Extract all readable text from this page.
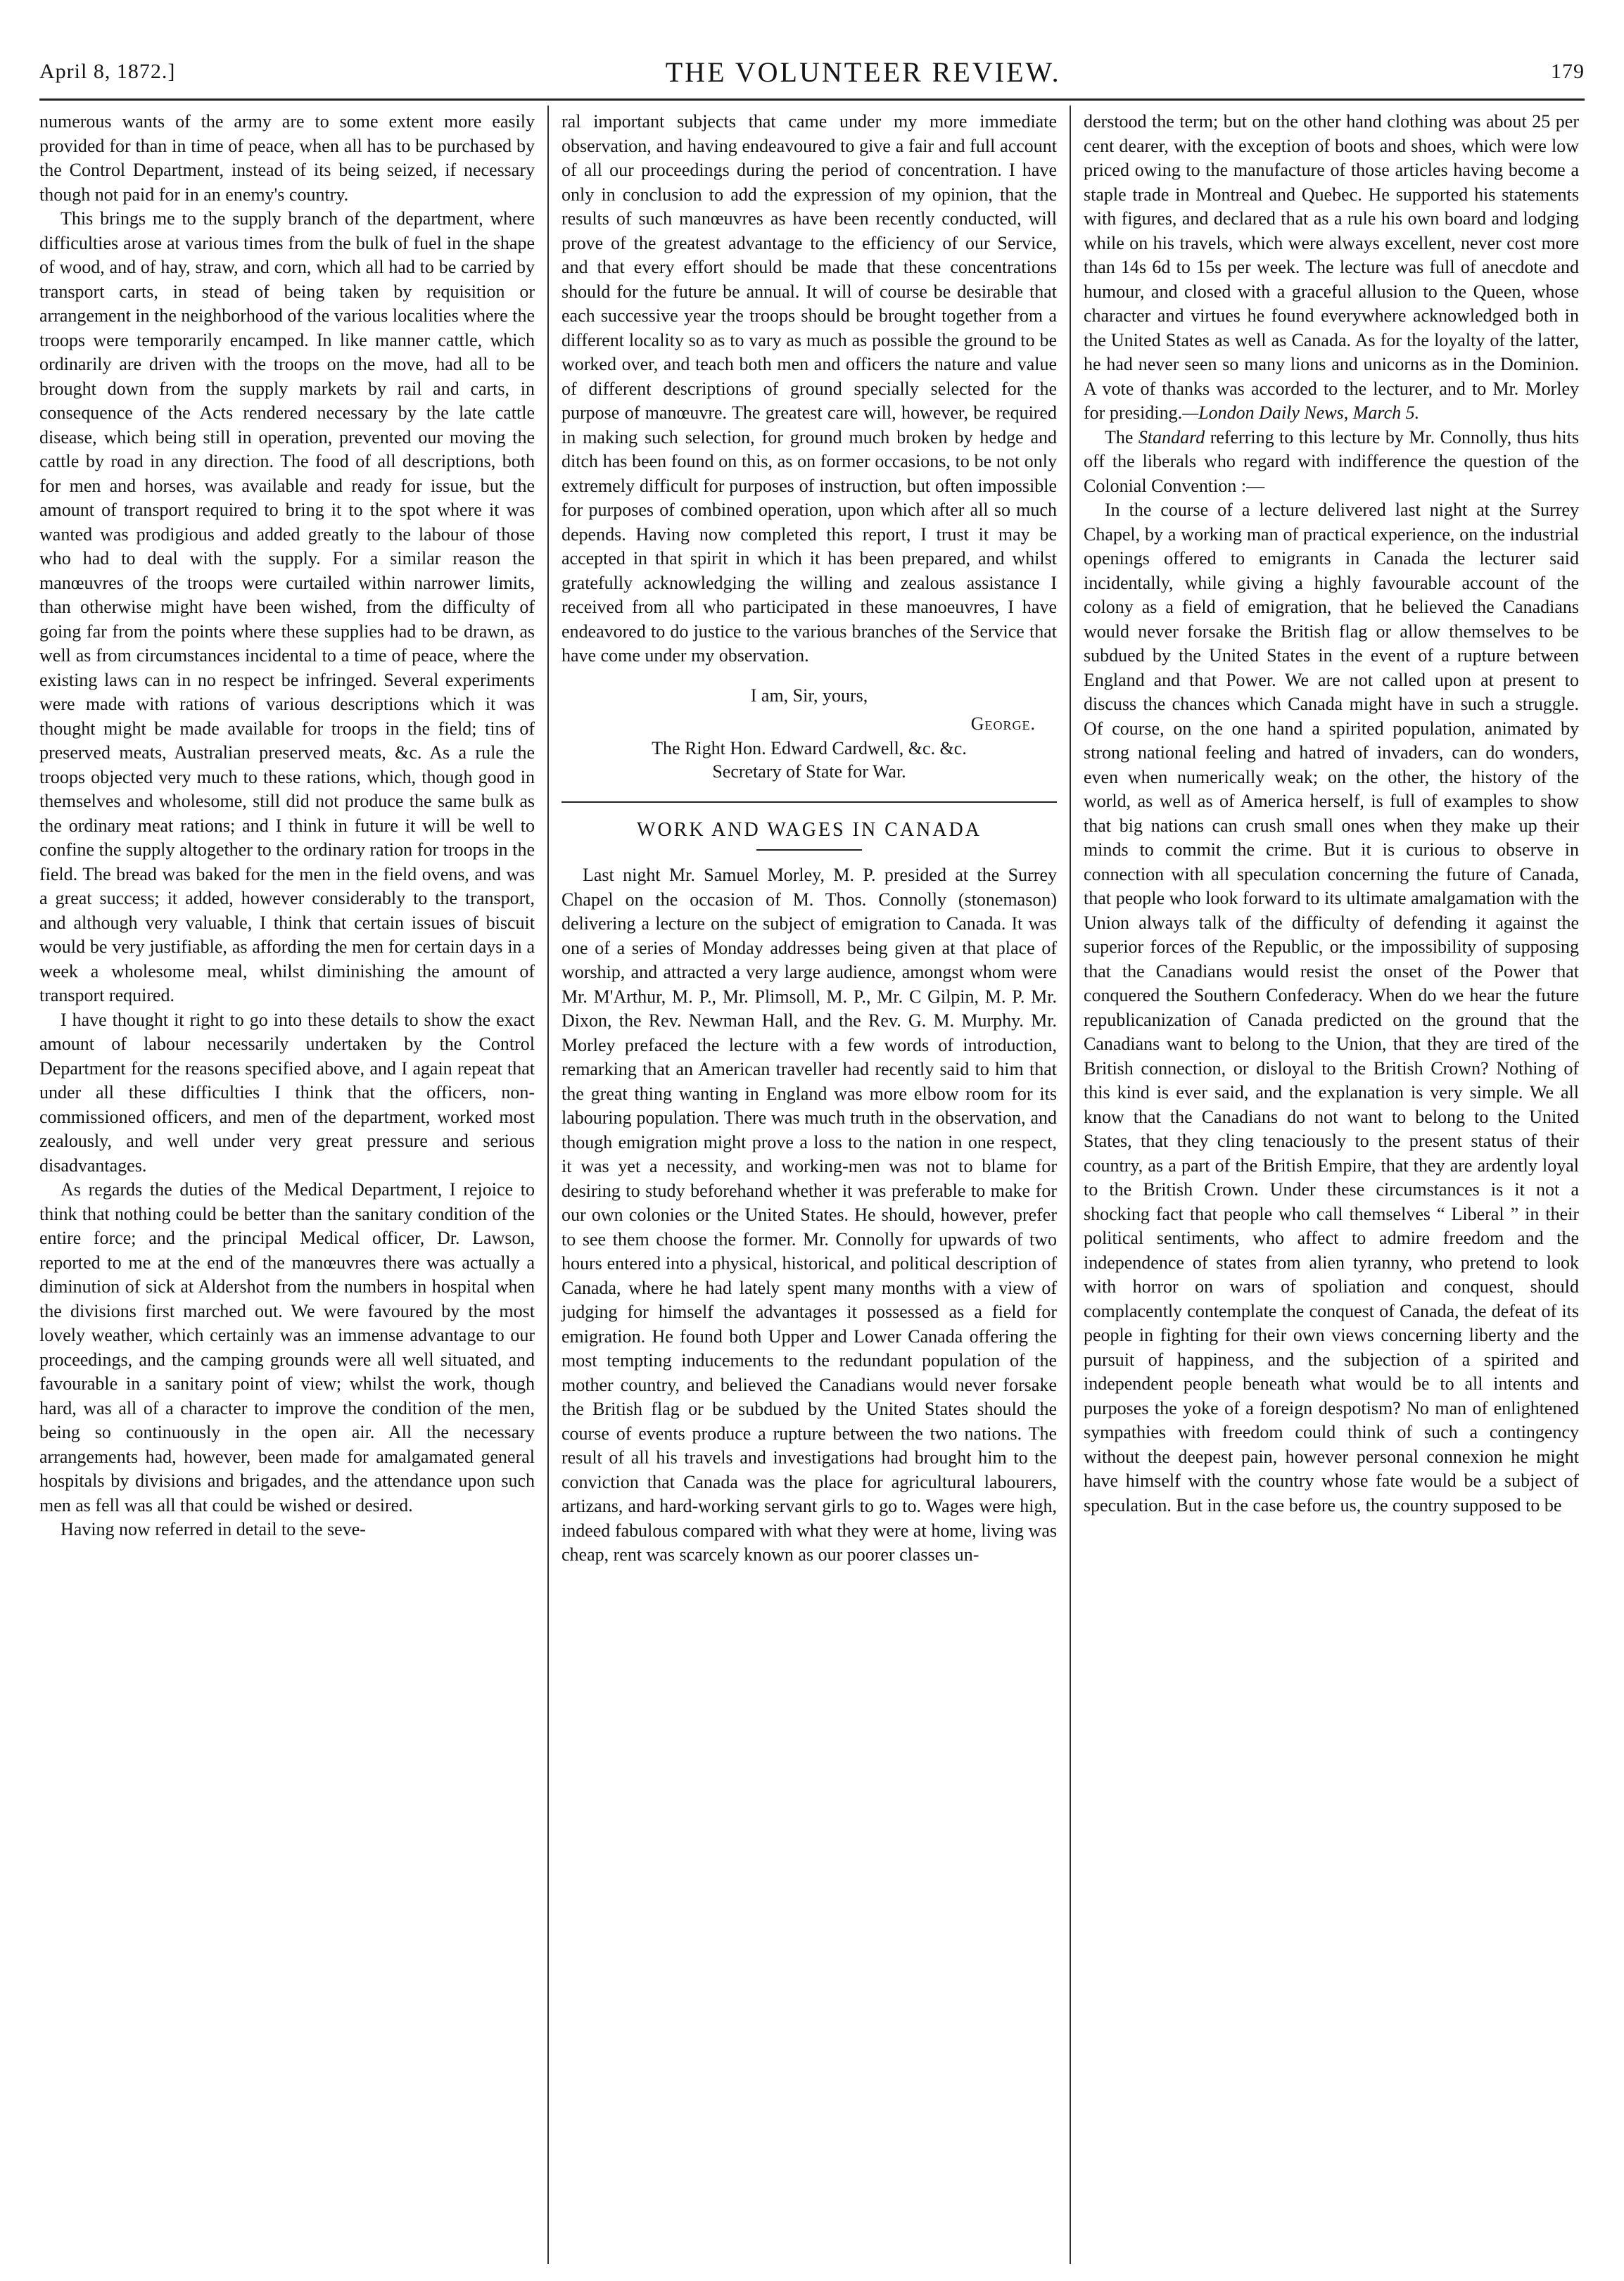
April 8, 1872.]	THE VOLUNTEER REVIEW.	179

numerous wants of the army are to some extent more easily provided for than in time of peace, when all has to be purchased by the Control Department, instead of its being seized, if necessary though not paid for in an enemy's country.

This brings me to the supply branch of the department, where difficulties arose at various times from the bulk of fuel in the shape of wood, and of hay, straw, and corn, which all had to be carried by transport carts, in stead of being taken by requisition or arrangement in the neighborhood of the various localities where the troops were temporarily encamped. In like manner cattle, which ordinarily are driven with the troops on the move, had all to be brought down from the supply markets by rail and carts, in consequence of the Acts rendered necessary by the late cattle disease, which being still in operation, prevented our moving the cattle by road in any direction. The food of all descriptions, both for men and horses, was available and ready for issue, but the amount of transport required to bring it to the spot where it was wanted was prodigious and added greatly to the labour of those who had to deal with the supply. For a similar reason the manœuvres of the troops were curtailed within narrower limits, than otherwise might have been wished, from the difficulty of going far from the points where these supplies had to be drawn, as well as from circumstances incidental to a time of peace, where the existing laws can in no respect be infringed. Several experiments were made with rations of various descriptions which it was thought might be made available for troops in the field; tins of preserved meats, Australian preserved meats, &c. As a rule the troops objected very much to these rations, which, though good in themselves and wholesome, still did not produce the same bulk as the ordinary meat rations; and I think in future it will be well to confine the supply altogether to the ordinary ration for troops in the field. The bread was baked for the men in the field ovens, and was a great success; it added, however considerably to the transport, and although very valuable, I think that certain issues of biscuit would be very justifiable, as affording the men for certain days in a week a wholesome meal, whilst diminishing the amount of transport required.

I have thought it right to go into these details to show the exact amount of labour necessarily undertaken by the Control Department for the reasons specified above, and I again repeat that under all these difficulties I think that the officers, non-commissioned officers, and men of the department, worked most zealously, and well under very great pressure and serious disadvantages.

As regards the duties of the Medical Department, I rejoice to think that nothing could be better than the sanitary condition of the entire force; and the principal Medical officer, Dr. Lawson, reported to me at the end of the manœuvres there was actually a diminution of sick at Aldershot from the numbers in hospital when the divisions first marched out. We were favoured by the most lovely weather, which certainly was an immense advantage to our proceedings, and the camping grounds were all well situated, and favourable in a sanitary point of view; whilst the work, though hard, was all of a character to improve the condition of the men, being so continuously in the open air. All the necessary arrangements had, however, been made for amalgamated general hospitals by divisions and brigades, and the attendance upon such men as fell was all that could be wished or desired.

Having now referred in detail to the seve-

ral important subjects that came under my more immediate observation, and having endeavoured to give a fair and full account of all our proceedings during the period of concentration. I have only in conclusion to add the expression of my opinion, that the results of such manœuvres as have been recently conducted, will prove of the greatest advantage to the efficiency of our Service, and that every effort should be made that these concentrations should for the future be annual. It will of course be desirable that each successive year the troops should be brought together from a different locality so as to vary as much as possible the ground to be worked over, and teach both men and officers the nature and value of different descriptions of ground specially selected for the purpose of manœuvre. The greatest care will, however, be required in making such selection, for ground much broken by hedge and ditch has been found on this, as on former occasions, to be not only extremely difficult for purposes of instruction, but often impossible for purposes of combined operation, upon which after all so much depends. Having now completed this report, I trust it may be accepted in that spirit in which it has been prepared, and whilst gratefully acknowledging the willing and zealous assistance I received from all who participated in these manoeuvres, I have endeavored to do justice to the various branches of the Service that have come under my observation.

I am, Sir, yours,

George.

The Right Hon. Edward Cardwell, &c. &c.

Secretary of State for War.

WORK AND WAGES IN CANADA

Last night Mr. Samuel Morley, M. P. presided at the Surrey Chapel on the occasion of M. Thos. Connolly (stonemason) delivering a lecture on the subject of emigration to Canada. It was one of a series of Monday addresses being given at that place of worship, and attracted a very large audience, amongst whom were Mr. M'Arthur, M. P., Mr. Plimsoll, M. P., Mr. C Gilpin, M. P. Mr. Dixon, the Rev. Newman Hall, and the Rev. G. M. Murphy. Mr. Morley prefaced the lecture with a few words of introduction, remarking that an American traveller had recently said to him that the great thing wanting in England was more elbow room for its labouring population. There was much truth in the observation, and though emigration might prove a loss to the nation in one respect, it was yet a necessity, and working-men was not to blame for desiring to study beforehand whether it was preferable to make for our own colonies or the United States. He should, however, prefer to see them choose the former. Mr. Connolly for upwards of two hours entered into a physical, historical, and political description of Canada, where he had lately spent many months with a view of judging for himself the advantages it possessed as a field for emigration. He found both Upper and Lower Canada offering the most tempting inducements to the redundant population of the mother country, and believed the Canadians would never forsake the British flag or be subdued by the United States should the course of events produce a rupture between the two nations. The result of all his travels and investigations had brought him to the conviction that Canada was the place for agricultural labourers, artizans, and hard-working servant girls to go to. Wages were high, indeed fabulous compared with what they were at home, living was cheap, rent was scarcely known as our poorer classes un-

derstood the term; but on the other hand clothing was about 25 per cent dearer, with the exception of boots and shoes, which were low priced owing to the manufacture of those articles having become a staple trade in Montreal and Quebec. He supported his statements with figures, and declared that as a rule his own board and lodging while on his travels, which were always excellent, never cost more than 14s 6d to 15s per week. The lecture was full of anecdote and humour, and closed with a graceful allusion to the Queen, whose character and virtues he found everywhere acknowledged both in the United States as well as Canada. As for the loyalty of the latter, he had never seen so many lions and unicorns as in the Dominion. A vote of thanks was accorded to the lecturer, and to Mr. Morley for presiding.—London Daily News, March 5.

The Standard referring to this lecture by Mr. Connolly, thus hits off the liberals who regard with indifference the question of the Colonial Convention :—

In the course of a lecture delivered last night at the Surrey Chapel, by a working man of practical experience, on the industrial openings offered to emigrants in Canada the lecturer said incidentally, while giving a highly favourable account of the colony as a field of emigration, that he believed the Canadians would never forsake the British flag or allow themselves to be subdued by the United States in the event of a rupture between England and that Power. We are not called upon at present to discuss the chances which Canada might have in such a struggle. Of course, on the one hand a spirited population, animated by strong national feeling and hatred of invaders, can do wonders, even when numerically weak; on the other, the history of the world, as well as of America herself, is full of examples to show that big nations can crush small ones when they make up their minds to commit the crime. But it is curious to observe in connection with all speculation concerning the future of Canada, that people who look forward to its ultimate amalgamation with the Union always talk of the difficulty of defending it against the superior forces of the Republic, or the impossibility of supposing that the Canadians would resist the onset of the Power that conquered the Southern Confederacy. When do we hear the future republicanization of Canada predicted on the ground that the Canadians want to belong to the Union, that they are tired of the British connection, or disloyal to the British Crown? Nothing of this kind is ever said, and the explanation is very simple. We all know that the Canadians do not want to belong to the United States, that they cling tenaciously to the present status of their country, as a part of the British Empire, that they are ardently loyal to the British Crown. Under these circumstances is it not a shocking fact that people who call themselves “ Liberal ” in their political sentiments, who affect to admire freedom and the independence of states from alien tyranny, who pretend to look with horror on wars of spoliation and conquest, should complacently contemplate the conquest of Canada, the defeat of its people in fighting for their own views concerning liberty and the pursuit of happiness, and the subjection of a spirited and independent people beneath what would be to all intents and purposes the yoke of a foreign despotism? No man of enlightened sympathies with freedom could think of such a contingency without the deepest pain, however personal connexion he might have himself with the country whose fate would be a subject of speculation. But in the case before us, the country supposed to be
